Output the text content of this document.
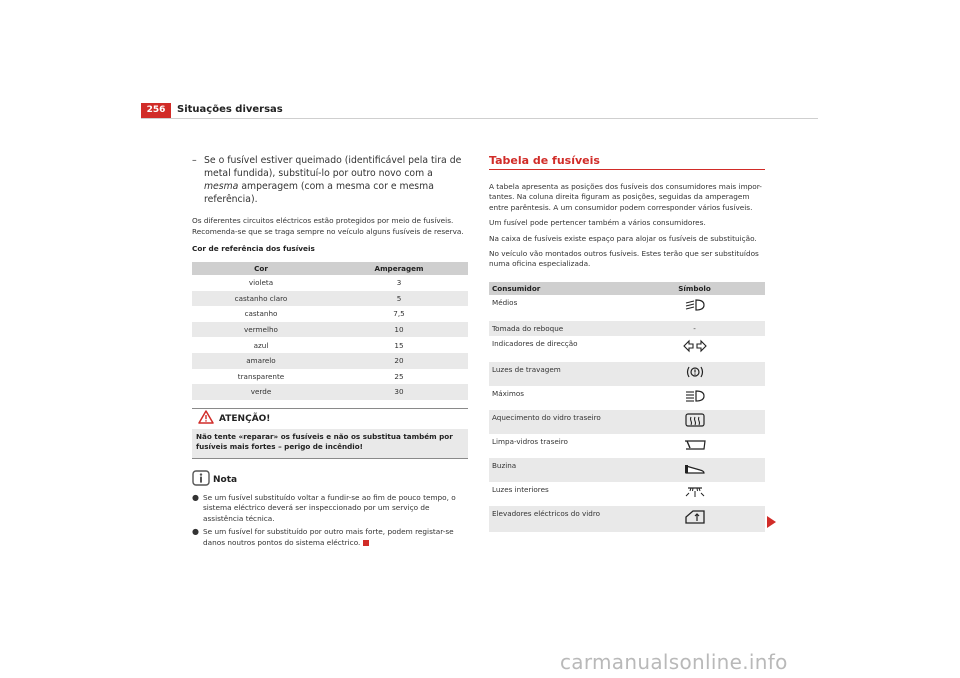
256	Situações diversas
– Se o fusível estiver queimado (identificável pela tira de metal fundida), substituí-lo por outro novo com a mesma amperagem (com a mesma cor e mesma referência).

Os diferentes circuitos eléctricos estão protegidos por meio de fusíveis. Recomenda-se que se traga sempre no veículo alguns fusíveis de reserva.

Cor de referência dos fusíveis
Cor	Amperagem
violeta	3
castanho claro	5
castanho	7,5
vermelho	10
azul	15
amarelo	20
transparente	25
verde	30
ATENÇÃO!
Não tente «reparar» os fusíveis e não os substitua também por fusíveis mais fortes – perigo de incêndio!
Nota
● Se um fusível substituído voltar a fundir-se ao fim de pouco tempo, o sistema eléctrico deverá ser inspeccionado por um serviço de assistência técnica.
● Se um fusível for substituído por outro mais forte, podem registar-se danos noutros pontos do sistema eléctrico.
Tabela de fusíveis

A tabela apresenta as posições dos fusíveis dos consumidores mais impor-tantes. Na coluna direita figuram as posições, seguidas da amperagem entre parêntesis. A um consumidor podem corresponder vários fusíveis.

Um fusível pode pertencer também a vários consumidores.

Na caixa de fusíveis existe espaço para alojar os fusíveis de substituição.

No veículo vão montados outros fusíveis. Estes terão que ser substituídos numa oficina especializada.

Consumidor	Símbolo
Médios	
Tomada do reboque	-
Indicadores de direcção	
Luzes de travagem	
Máximos	
Aquecimento do vidro traseiro	
Limpa-vidros traseiro	
Buzina	
Luzes interiores	
Elevadores eléctricos do vidro	
carmanualsonline.info
